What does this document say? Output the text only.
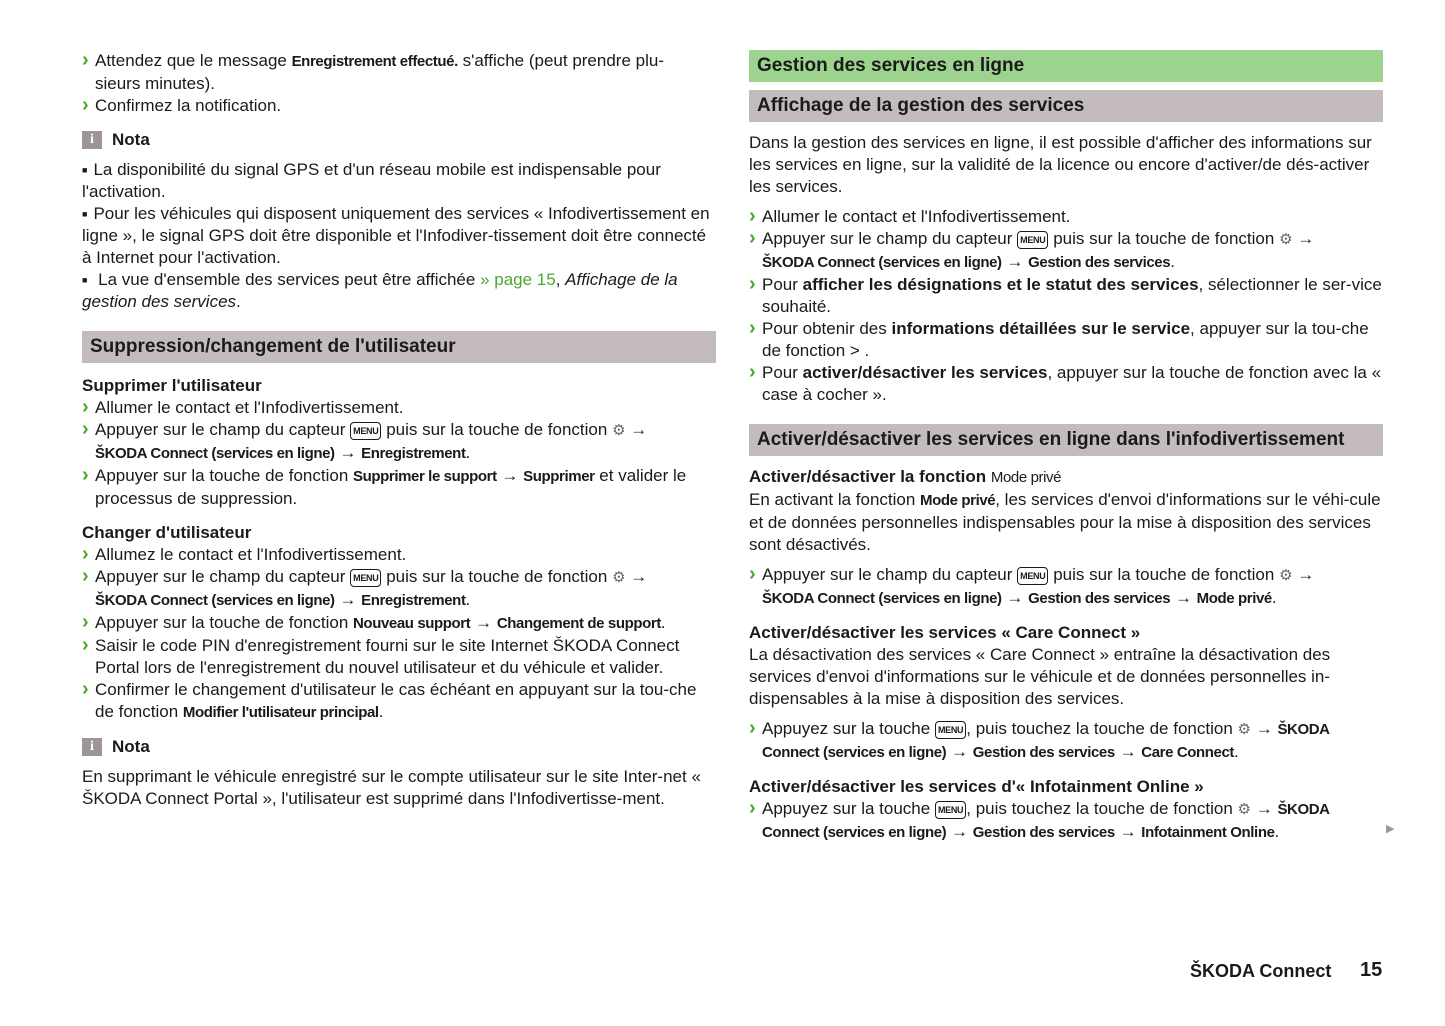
› Attendez que le message Enregistrement effectué. s'affiche (peut prendre plu-
sieurs minutes).
› Confirmez la notification.
i	Nota
■ La disponibilité du signal GPS et d'un réseau mobile est indispensable pour l'activation.
■ Pour les véhicules qui disposent uniquement des services « Infodivertissement en ligne », le signal GPS doit être disponible et l'Infodiver-tissement doit être connecté à Internet pour l'activation.
■ La vue d'ensemble des services peut être affichée » page 15, Affichage de la gestion des services.
Suppression/changement de l'utilisateur
Supprimer l'utilisateur
› Allumer le contact et l'Infodivertissement.
› Appuyer sur le champ du capteur MENU puis sur la touche de fonction ⚙ →
ŠKODA Connect (services en ligne) → Enregistrement.
› Appuyer sur la touche de fonction Supprimer le support → Supprimer et valider le processus de suppression.
Changer d'utilisateur
› Allumez le contact et l'Infodivertissement.
› Appuyer sur le champ du capteur MENU puis sur la touche de fonction ⚙ →
ŠKODA Connect (services en ligne) → Enregistrement.
› Appuyer sur la touche de fonction Nouveau support → Changement de support.
› Saisir le code PIN d'enregistrement fourni sur le site Internet ŠKODA Connect Portal lors de l'enregistrement du nouvel utilisateur et du véhicule et valider.
› Confirmer le changement d'utilisateur le cas échéant en appuyant sur la tou-che de fonction Modifier l'utilisateur principal.
i	Nota
En supprimant le véhicule enregistré sur le compte utilisateur sur le site Inter-net « ŠKODA Connect Portal », l'utilisateur est supprimé dans l'Infodivertisse-ment.
Gestion des services en ligne
Affichage de la gestion des services
Dans la gestion des services en ligne, il est possible d'afficher des informations sur les services en ligne, sur la validité de la licence ou encore d'activer/de dés-activer les services.
› Allumer le contact et l'Infodivertissement.
› Appuyer sur le champ du capteur MENU puis sur la touche de fonction ⚙ →
ŠKODA Connect (services en ligne) → Gestion des services.
› Pour afficher les désignations et le statut des services, sélectionner le ser-vice souhaité.
› Pour obtenir des informations détaillées sur le service, appuyer sur la tou-che de fonction > .
› Pour activer/désactiver les services, appuyer sur la touche de fonction avec la « case à cocher ».
Activer/désactiver les services en ligne dans l'infodivertissement
Activer/désactiver la fonction Mode privé
En activant la fonction Mode privé, les services d'envoi d'informations sur le véhi-cule et de données personnelles indispensables pour la mise à disposition des services sont désactivés.
› Appuyer sur le champ du capteur MENU puis sur la touche de fonction ⚙ →
ŠKODA Connect (services en ligne) → Gestion des services → Mode privé.
Activer/désactiver les services « Care Connect »
La désactivation des services « Care Connect » entraîne la désactivation des services d'envoi d'informations sur le véhicule et de données personnelles in-dispensables à la mise à disposition des services.
› Appuyez sur la touche MENU , puis touchez la touche de fonction ⚙ → ŠKODA Connect (services en ligne) → Gestion des services → Care Connect.
Activer/désactiver les services d'« Infotainment Online »
› Appuyez sur la touche MENU , puis touchez la touche de fonction ⚙ → ŠKODA Connect (services en ligne) → Gestion des services → Infotainment Online.	▶
ŠKODA Connect 15
